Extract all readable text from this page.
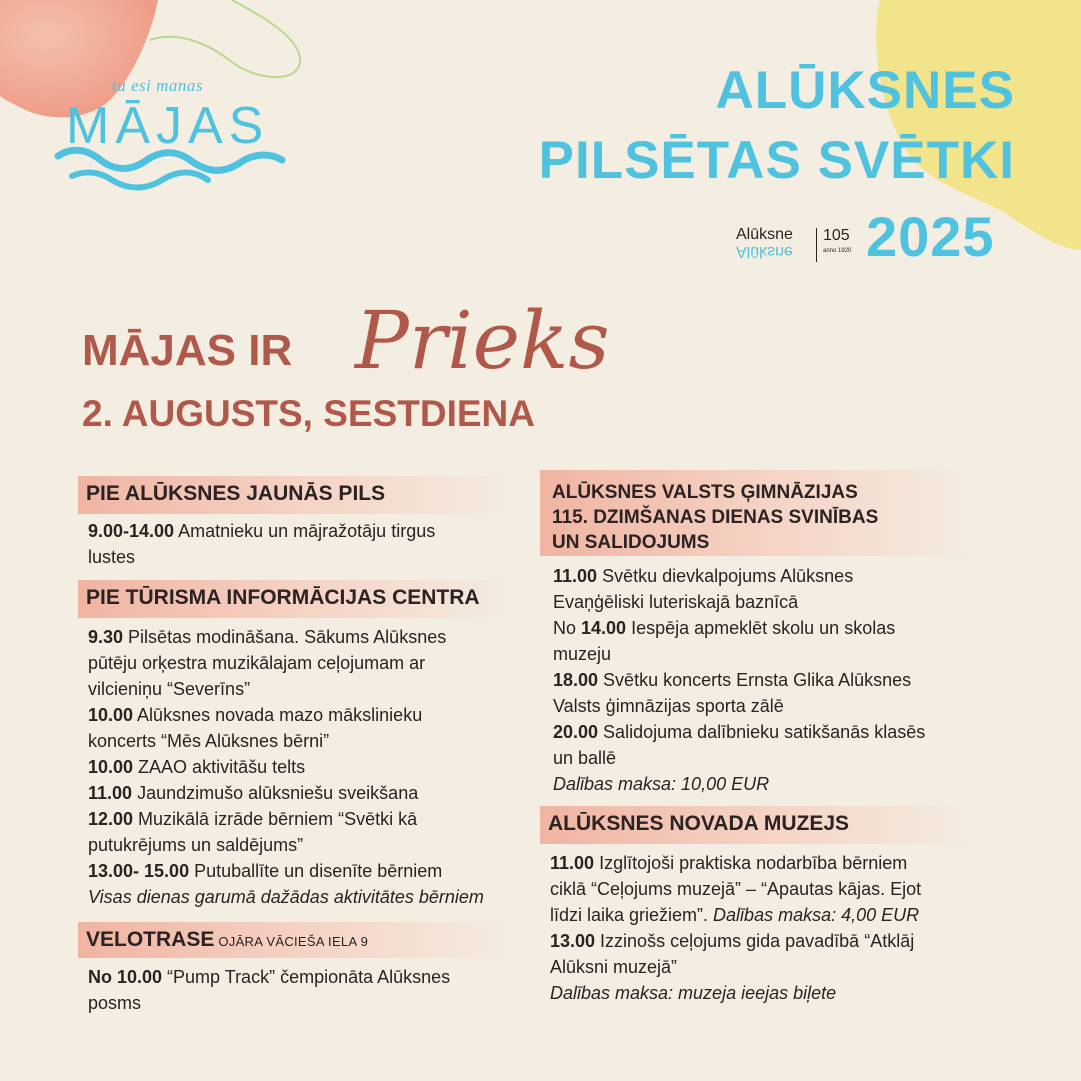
tu esi manas
MĀJAS
ALŪKSNES
PILSĒTAS SVĒTKI
2025
Alūksne
Alūksne
105
anno 1920
MĀJAS IR Prieks
2. AUGUSTS, SESTDIENA
PIE ALŪKSNES JAUNĀS PILS

9.00-14.00 Amatnieku un mājražotāju tirgus

lustes

PIE TŪRISMA INFORMĀCIJAS CENTRA

9.30 Pilsētas modināšana. Sākums Alūksnes

pūtēju orķestra muzikālajam ceļojumam ar

vilcieniņu “Severīns”

10.00 Alūksnes novada mazo mākslinieku

koncerts “Mēs Alūksnes bērni”

10.00 ZAAO aktivitāšu telts

11.00 Jaundzimušo alūksniešu sveikšana

12.00 Muzikālā izrāde bērniem “Svētki kā

putukrējums un saldējums”

13.00- 15.00 Putuballīte un disenīte bērniem

Visas dienas garumā dažādas aktivitātes bērniem

VELOTRASE OJĀRA VĀCIEŠA IELA 9

No 10.00 “Pump Track” čempionāta Alūksnes

posms

ALŪKSNES VALSTS ĢIMNĀZIJAS
115. DZIMŠANAS DIENAS SVINĪBAS
UN SALIDOJUMS

11.00 Svētku dievkalpojums Alūksnes

Evaņģēliski luteriskajā baznīcā

No 14.00 Iespēja apmeklēt skolu un skolas

muzeju

18.00 Svētku koncerts Ernsta Glika Alūksnes

Valsts ģimnāzijas sporta zālē

20.00 Salidojuma dalībnieku satikšanās klasēs

un ballē

Dalības maksa: 10,00 EUR

ALŪKSNES NOVADA MUZEJS

11.00 Izglītojoši praktiska nodarbība bērniem

ciklā “Ceļojums muzejā” – “Apautas kājas. Ejot

līdzi laika griežiem”. Dalības maksa: 4,00 EUR

13.00 Izzinošs ceļojums gida pavadībā “Atklāj

Alūksni muzejā”

Dalības maksa: muzeja ieejas biļete
